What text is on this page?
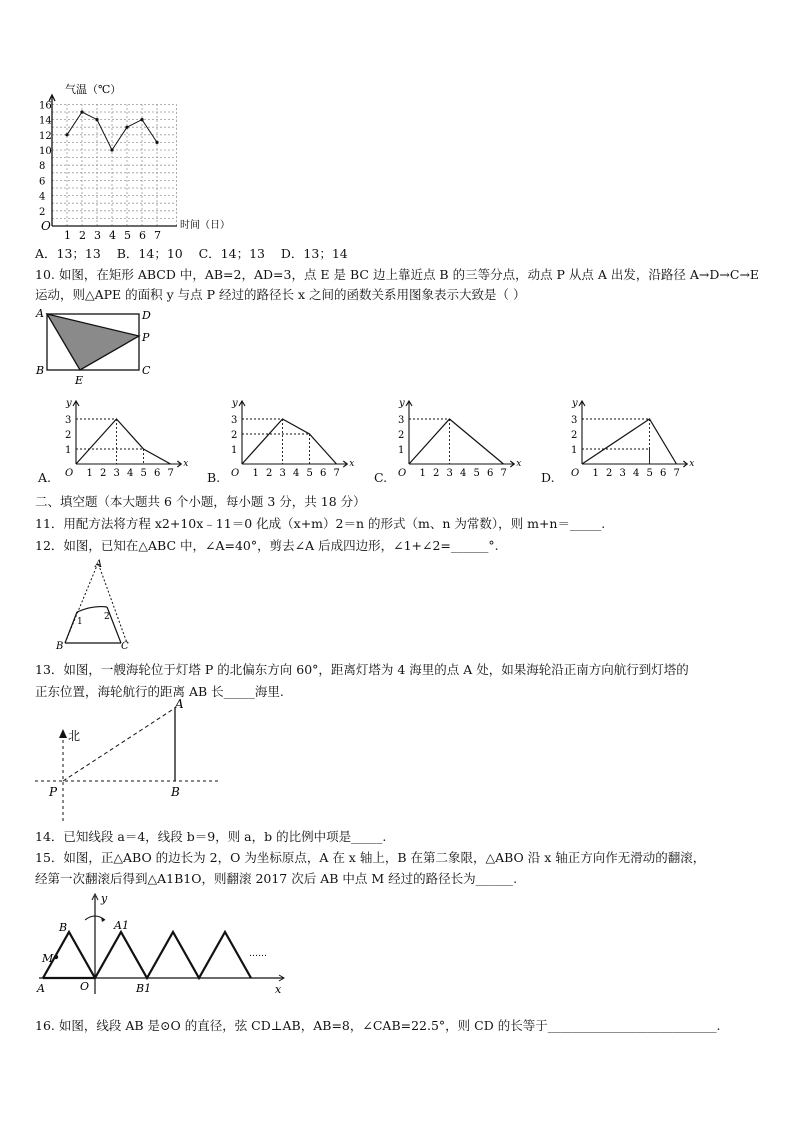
气温（℃）
时间（日）
O
2
4
6
8
10
12
14
16
1 2 3 4 5 6 7
A．13；13    B．14；10    C．14；13    D．13；14
10. 如图，在矩形 ABCD 中，AB=2，AD=3，点 E 是 BC 边上靠近点 B 的三等分点，动点 P 从点 A 出发，沿路径 A→D→C→E
运动，则△APE 的面积 y 与点 P 经过的路径长 x 之间的函数关系用图象表示大致是（ ）
A	D
P
B	C
E
y
x
O 1 2 3 4 5 6 7
1
2
3
y
x
O 1 2 3 4 5 6 7
1
2
3
y
x
O 1 2 3 4 5 6 7
1
2
3
y
x
O 1 2 3 4 5 6 7
1
2
3
A.	B.	C.	D.
二、填空题（本大题共 6 个小题，每小题 3 分，共 18 分）
11．用配方法将方程 x2+10x﹣11＝0 化成（x+m）2＝n 的形式（m、n 为常数），则 m+n＝_____.
12．如图，已知在△ABC 中，∠A=40°，剪去∠A 后成四边形，∠1+∠2=______°.
A
B	C
1 2
13．如图，一艘海轮位于灯塔 P 的北偏东方向 60°，距离灯塔为 4 海里的点 A 处，如果海轮沿正南方向航行到灯塔的
正东位置，海轮航行的距离 AB 长_____海里.
北
A
P	B
14．已知线段 a＝4，线段 b＝9，则 a，b 的比例中项是_____.
15．如图，正△ABO 的边长为 2，O 为坐标原点，A 在 x 轴上，B 在第二象限，△ABO 沿 x 轴正方向作无滑动的翻滚，
经第一次翻滚后得到△A1B1O，则翻滚 2017 次后 AB 中点 M 经过的路径长为______.
B
y
A1
M
A	O	B1	x
……
16. 如图，线段 AB 是⊙O 的直径，弦 CD⊥AB，AB=8，∠CAB=22.5°，则 CD 的长等于___________________________.
